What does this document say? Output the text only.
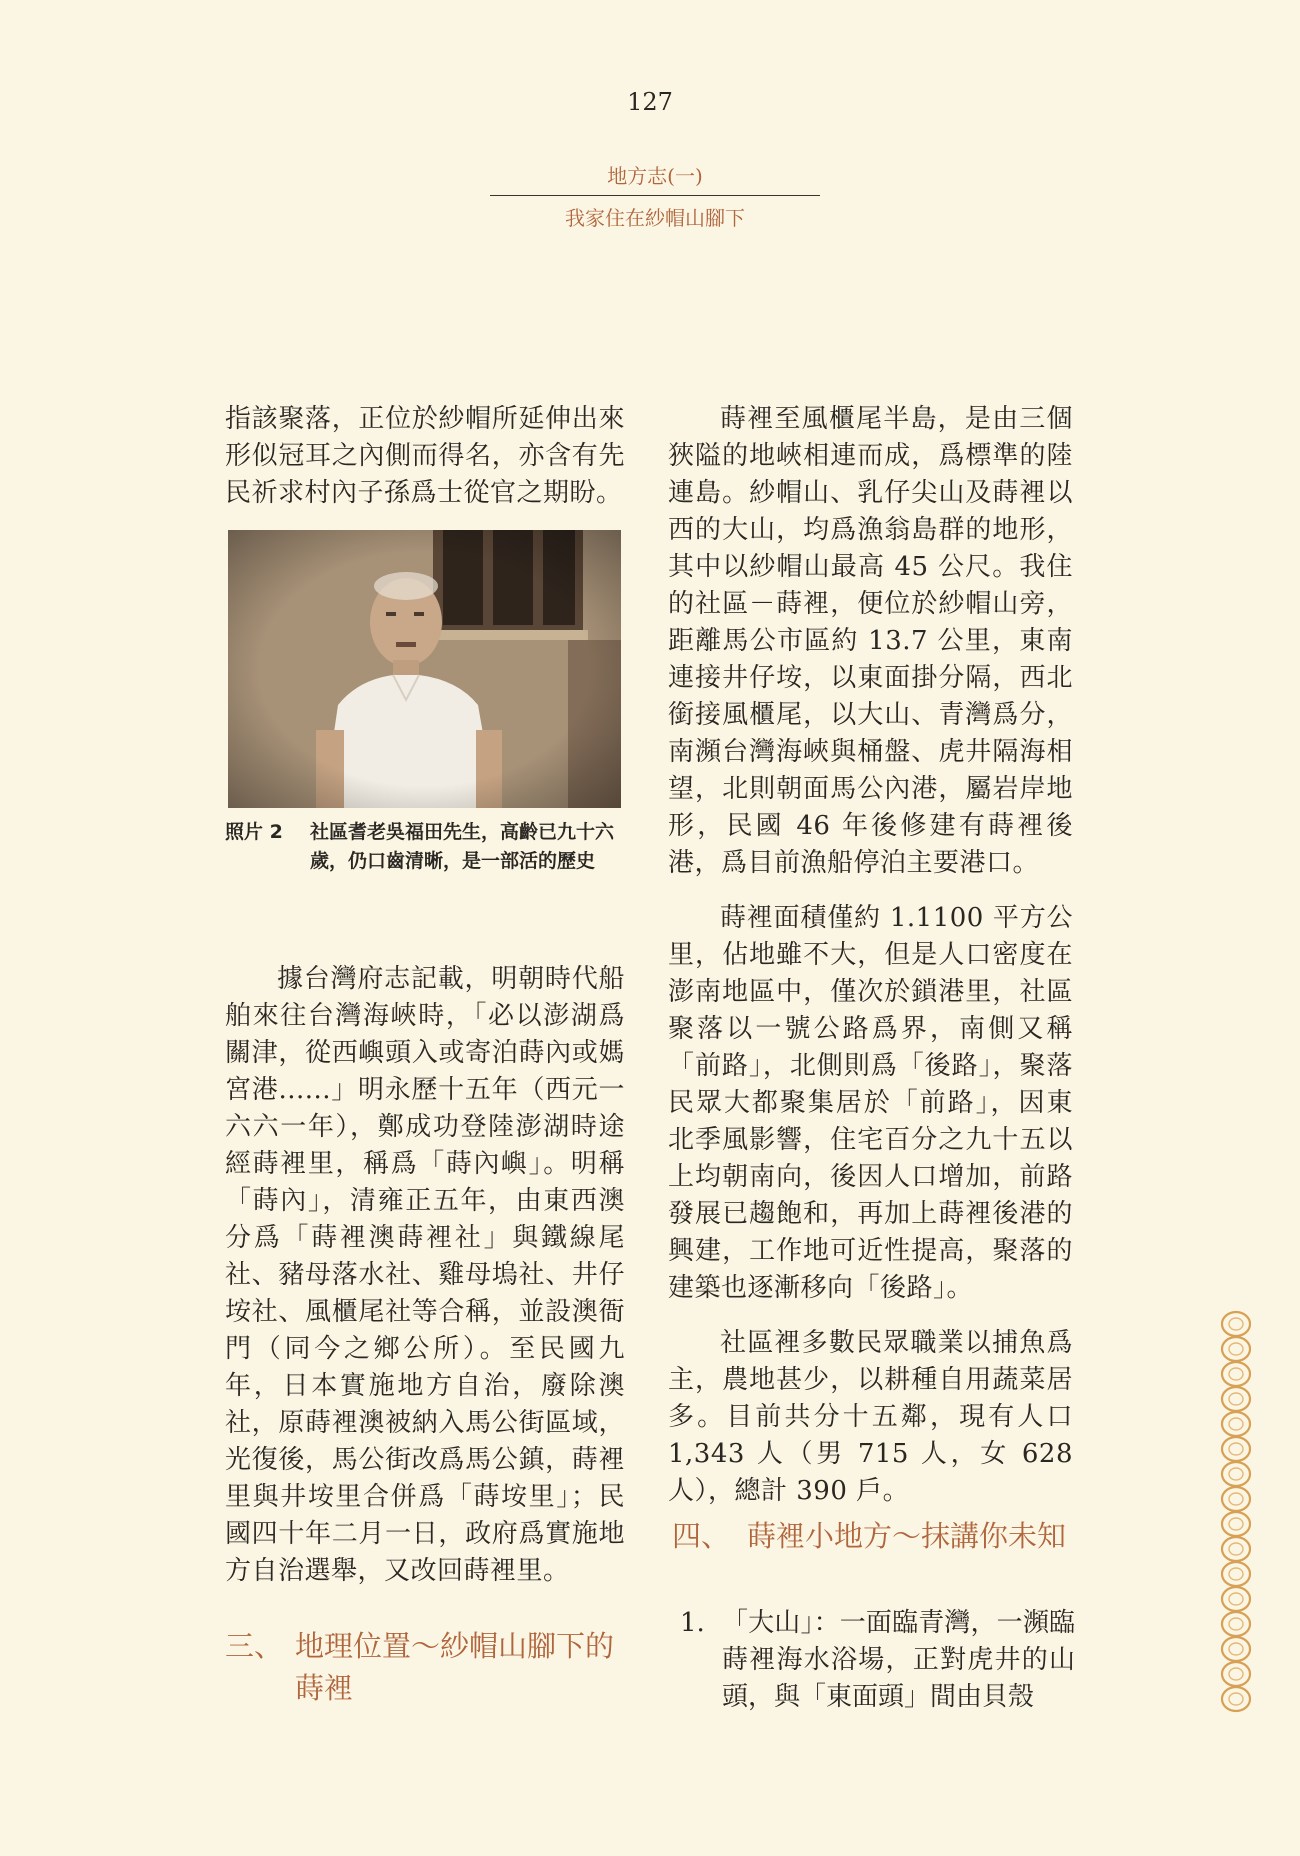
127
地方志(一)
我家住在紗帽山腳下

指該聚落，正位於紗帽所延伸出來形似冠耳之內側而得名，亦含有先民祈求村內子孫爲士從官之期盼。

照片 2	社區耆老吳福田先生，高齡已九十六歲，仍口齒清晰，是一部活的歷史

據台灣府志記載，明朝時代船舶來往台灣海峽時，「必以澎湖爲關津，從西嶼頭入或寄泊蒔內或媽宮港......」明永歷十五年（西元一六六一年），鄭成功登陸澎湖時途經蒔裡里，稱爲「蒔內嶼」。明稱「蒔內」，清雍正五年，由東西澳分爲「蒔裡澳蒔裡社」與鐵線尾社、豬母落水社、雞母塢社、井仔垵社、風櫃尾社等合稱，並設澳衙門（同今之鄉公所）。至民國九年，日本實施地方自治，廢除澳社，原蒔裡澳被納入馬公街區域，光復後，馬公街改爲馬公鎮，蒔裡里與井垵里合併爲「蒔垵里」；民國四十年二月一日，政府爲實施地方自治選舉，又改回蒔裡里。

三、 地理位置～紗帽山腳下的蒔裡

蒔裡至風櫃尾半島，是由三個狹隘的地峽相連而成，爲標準的陸連島。紗帽山、乳仔尖山及蒔裡以西的大山，均爲漁翁島群的地形，其中以紗帽山最高 45 公尺。我住的社區－蒔裡，便位於紗帽山旁，距離馬公市區約 13.7 公里，東南連接井仔垵，以東面掛分隔，西北銜接風櫃尾，以大山、青灣爲分，南瀕台灣海峽與桶盤、虎井隔海相望，北則朝面馬公內港，屬岩岸地形，民國 46 年後修建有蒔裡後港，爲目前漁船停泊主要港口。

蒔裡面積僅約 1.1100 平方公里，佔地雖不大，但是人口密度在澎南地區中，僅次於鎖港里，社區聚落以一號公路爲界，南側又稱「前路」，北側則爲「後路」，聚落民眾大都聚集居於「前路」，因東北季風影響，住宅百分之九十五以上均朝南向，後因人口增加，前路發展已趨飽和，再加上蒔裡後港的興建，工作地可近性提高，聚落的建築也逐漸移向「後路」。

社區裡多數民眾職業以捕魚爲主，農地甚少，以耕種自用蔬菜居多。目前共分十五鄰，現有人口 1,343 人（男 715 人，女 628 人），總計 390 戶。

四、 蒔裡小地方～抹講你未知
1. 「大山」：一面臨青灣，一瀕臨蒔裡海水浴場，正對虎井的山頭，與「東面頭」間由貝殼
